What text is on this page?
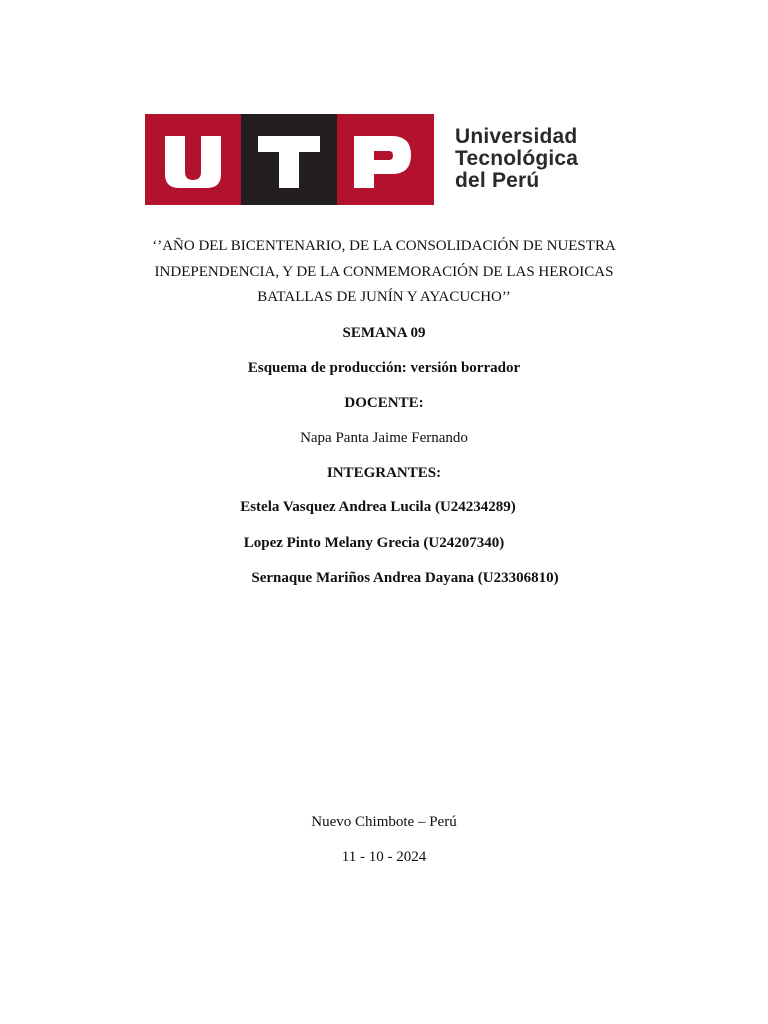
Universidad
Tecnológica
del Perú
‘’AÑO DEL BICENTENARIO, DE LA CONSOLIDACIÓN DE NUESTRA
INDEPENDENCIA, Y DE LA CONMEMORACIÓN DE LAS HEROICAS
BATALLAS DE JUNÍN Y AYACUCHO’’
SEMANA 09
Esquema de producción: versión borrador
DOCENTE:
Napa Panta Jaime Fernando
INTEGRANTES:
Estela Vasquez Andrea Lucila (U24234289)
Lopez Pinto Melany Grecia (U24207340)
Sernaque Mariños Andrea Dayana (U23306810)
Nuevo Chimbote – Perú
11 - 10 - 2024
